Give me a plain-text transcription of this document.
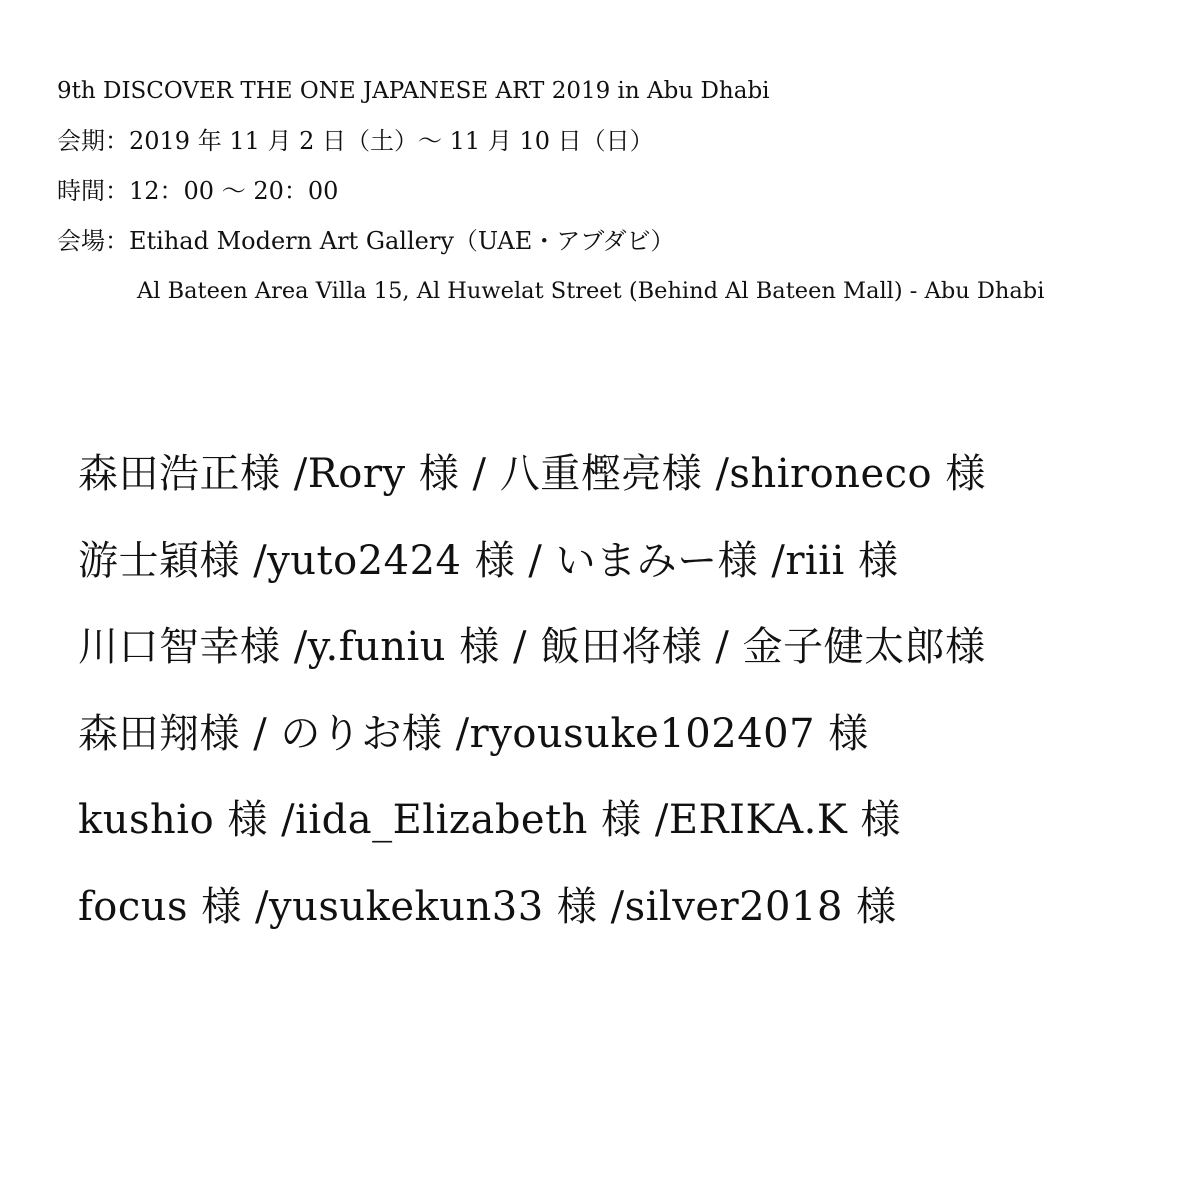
9th DISCOVER THE ONE JAPANESE ART 2019 in Abu Dhabi
会期：2019 年 11 月 2 日（土）～ 11 月 10 日（日）
時間：12：00 ～ 20：00
会場：Etihad Modern Art Gallery（UAE・アブダビ）
Al Bateen Area Villa 15, Al Huwelat Street (Behind Al Bateen Mall) - Abu Dhabi
森田浩正様 /Rory 様 / 八重樫亮様 /shironeco 様
游士穎様 /yuto2424 様 / いまみー様 /riii 様
川口智幸様 /y.funiu 様 / 飯田将様 / 金子健太郎様
森田翔様 / のりお様 /ryousuke102407 様
kushio 様 /iida_Elizabeth 様 /ERIKA.K 様
focus 様 /yusukekun33 様 /silver2018 様
